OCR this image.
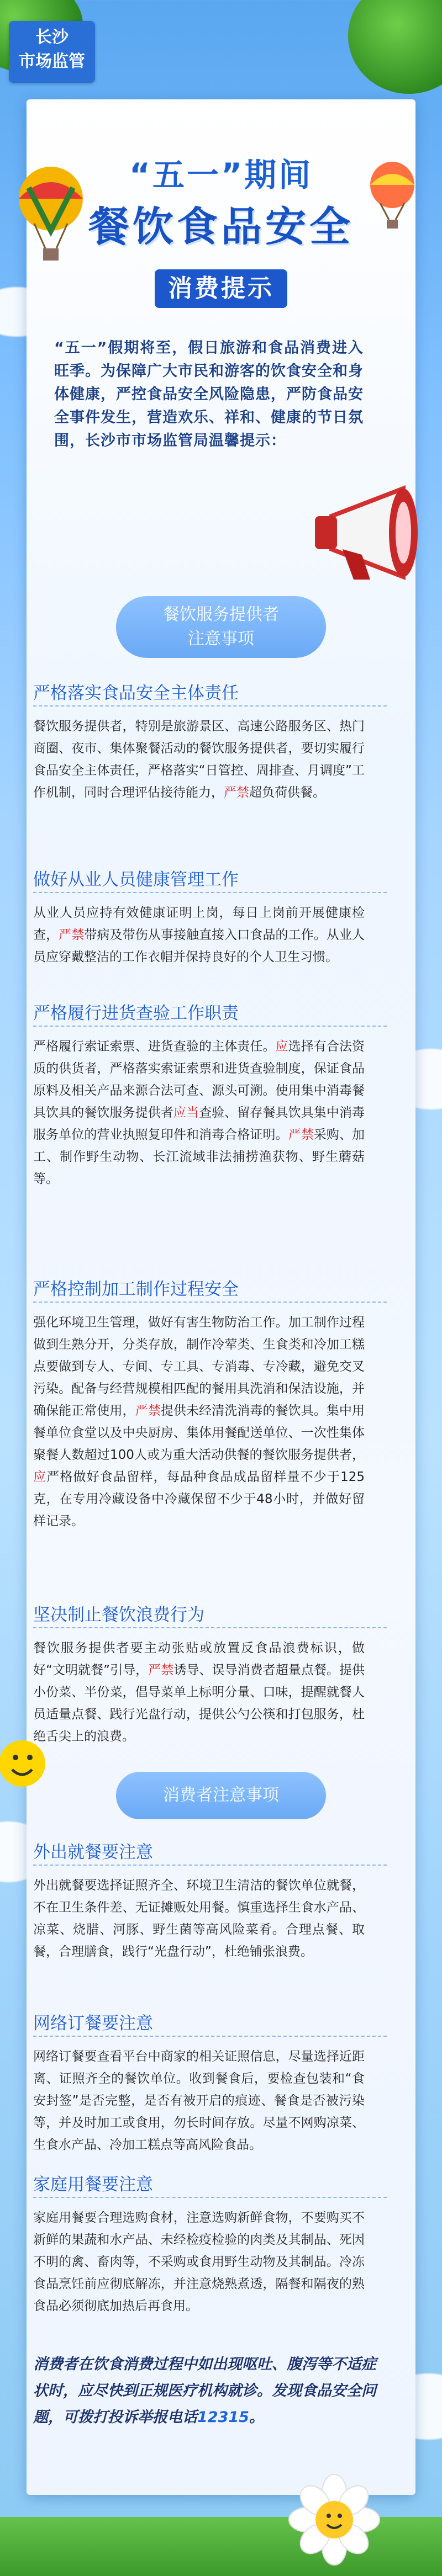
长沙
市场监管
“五一”期间
餐饮食品安全
消费提示
“五一”假期将至，假日旅游和食品消费进入旺季。为保障广大市民和游客的饮食安全和身体健康，严控食品安全风险隐患，严防食品安全事件发生，营造欢乐、祥和、健康的节日氛围，长沙市市场监管局温馨提示：
餐饮服务提供者
注意事项
严格落实食品安全主体责任
餐饮服务提供者，特别是旅游景区、高速公路服务区、热门商圈、夜市、集体聚餐活动的餐饮服务提供者，要切实履行食品安全主体责任，严格落实“日管控、周排查、月调度”工作机制，同时合理评估接待能力，严禁超负荷供餐。
做好从业人员健康管理工作
从业人员应持有效健康证明上岗，每日上岗前开展健康检查，严禁带病及带伤从事接触直接入口食品的工作。从业人员应穿戴整洁的工作衣帽并保持良好的个人卫生习惯。
严格履行进货查验工作职责
严格履行索证索票、进货查验的主体责任。应选择有合法资质的供货者，严格落实索证索票和进货查验制度，保证食品原料及相关产品来源合法可查、源头可溯。使用集中消毒餐具饮具的餐饮服务提供者应当查验、留存餐具饮具集中消毒服务单位的营业执照复印件和消毒合格证明。严禁采购、加工、制作野生动物、长江流域非法捕捞渔获物、野生蘑菇等。
严格控制加工制作过程安全
强化环境卫生管理，做好有害生物防治工作。加工制作过程做到生熟分开，分类存放，制作冷荤类、生食类和冷加工糕点要做到专人、专间、专工具、专消毒、专冷藏，避免交叉污染。配备与经营规模相匹配的餐用具洗消和保洁设施，并确保能正常使用，严禁提供未经清洗消毒的餐饮具。集中用餐单位食堂以及中央厨房、集体用餐配送单位、一次性集体聚餐人数超过100人或为重大活动供餐的餐饮服务提供者，应严格做好食品留样，每品种食品成品留样量不少于125克，在专用冷藏设备中冷藏保留不少于48小时，并做好留样记录。
坚决制止餐饮浪费行为
餐饮服务提供者要主动张贴或放置反食品浪费标识，做好“文明就餐”引导，严禁诱导、误导消费者超量点餐。提供小份菜、半份菜，倡导菜单上标明分量、口味，提醒就餐人员适量点餐、践行光盘行动，提供公勺公筷和打包服务，杜绝舌尖上的浪费。
消费者注意事项
外出就餐要注意
外出就餐要选择证照齐全、环境卫生清洁的餐饮单位就餐，不在卫生条件差、无证摊贩处用餐。慎重选择生食水产品、凉菜、烧腊、河豚、野生菌等高风险菜肴。合理点餐、取餐，合理膳食，践行“光盘行动”，杜绝铺张浪费。
网络订餐要注意
网络订餐要查看平台中商家的相关证照信息，尽量选择近距离、证照齐全的餐饮单位。收到餐食后，要检查包装和“食安封签”是否完整，是否有被开启的痕迹、餐食是否被污染等，并及时加工或食用，勿长时间存放。尽量不网购凉菜、生食水产品、冷加工糕点等高风险食品。
家庭用餐要注意
家庭用餐要合理选购食材，注意选购新鲜食物，不要购买不新鲜的果蔬和水产品、未经检疫检验的肉类及其制品、死因不明的禽、畜肉等，不采购或食用野生动物及其制品。冷冻食品烹饪前应彻底解冻，并注意烧熟煮透，隔餐和隔夜的熟食品必须彻底加热后再食用。
消费者在饮食消费过程中如出现呕吐、腹泻等不适症状时，应尽快到正规医疗机构就诊。发现食品安全问题，可拨打投诉举报电话12315。
